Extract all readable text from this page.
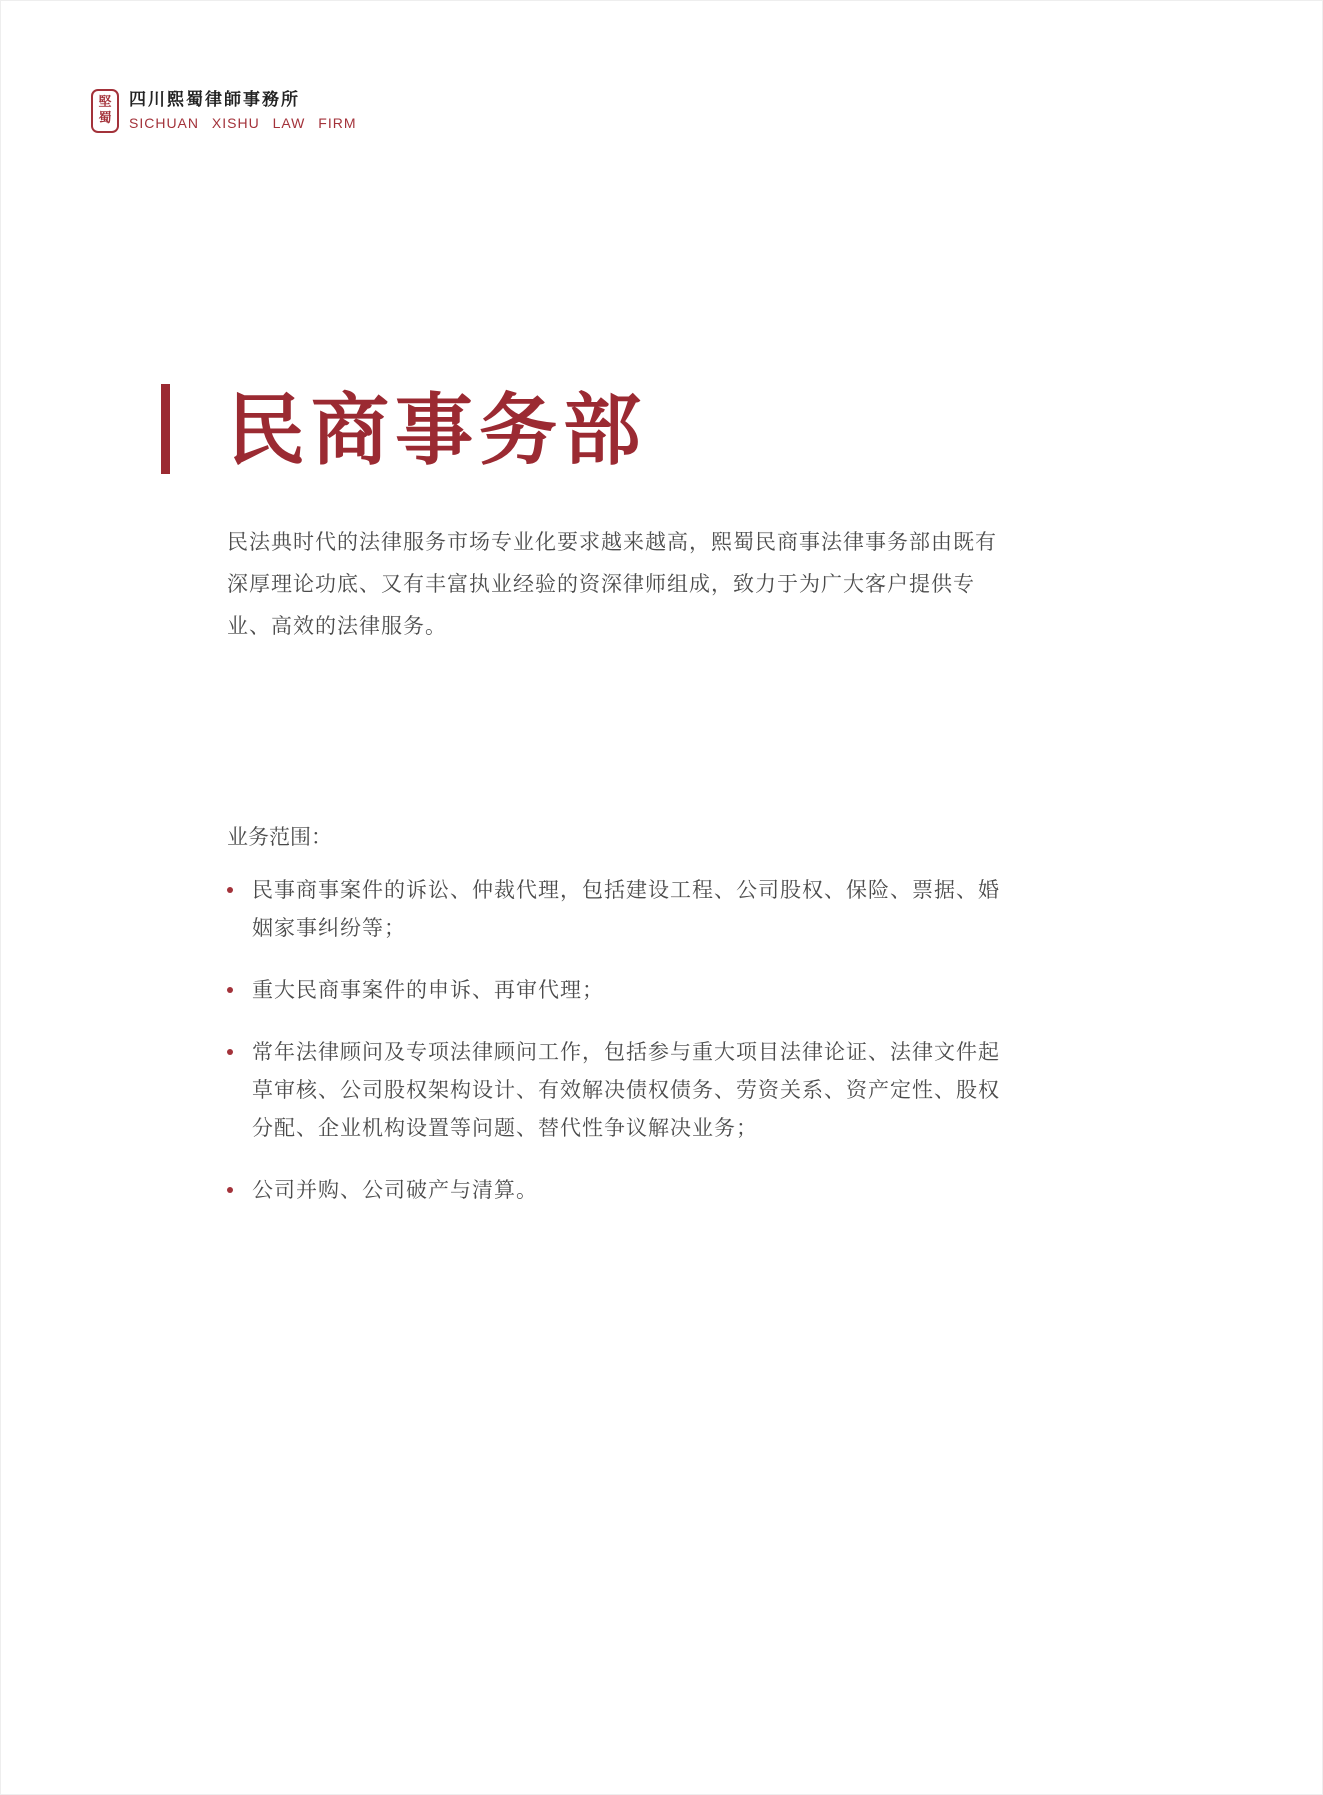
堅
蜀
四川熙蜀律師事務所
SICHUAN XISHU LAW FIRM
民商事务部

民法典时代的法律服务市场专业化要求越来越高，熙蜀民商事法律事务部由既有深厚理论功底、又有丰富执业经验的资深律师组成，致力于为广大客户提供专业、高效的法律服务。

业务范围：

民事商事案件的诉讼、仲裁代理，包括建设工程、公司股权、保险、票据、婚姻家事纠纷等；
重大民商事案件的申诉、再审代理；
常年法律顾问及专项法律顾问工作，包括参与重大项目法律论证、法律文件起草审核、公司股权架构设计、有效解决债权债务、劳资关系、资产定性、股权分配、企业机构设置等问题、替代性争议解决业务；
公司并购、公司破产与清算。
